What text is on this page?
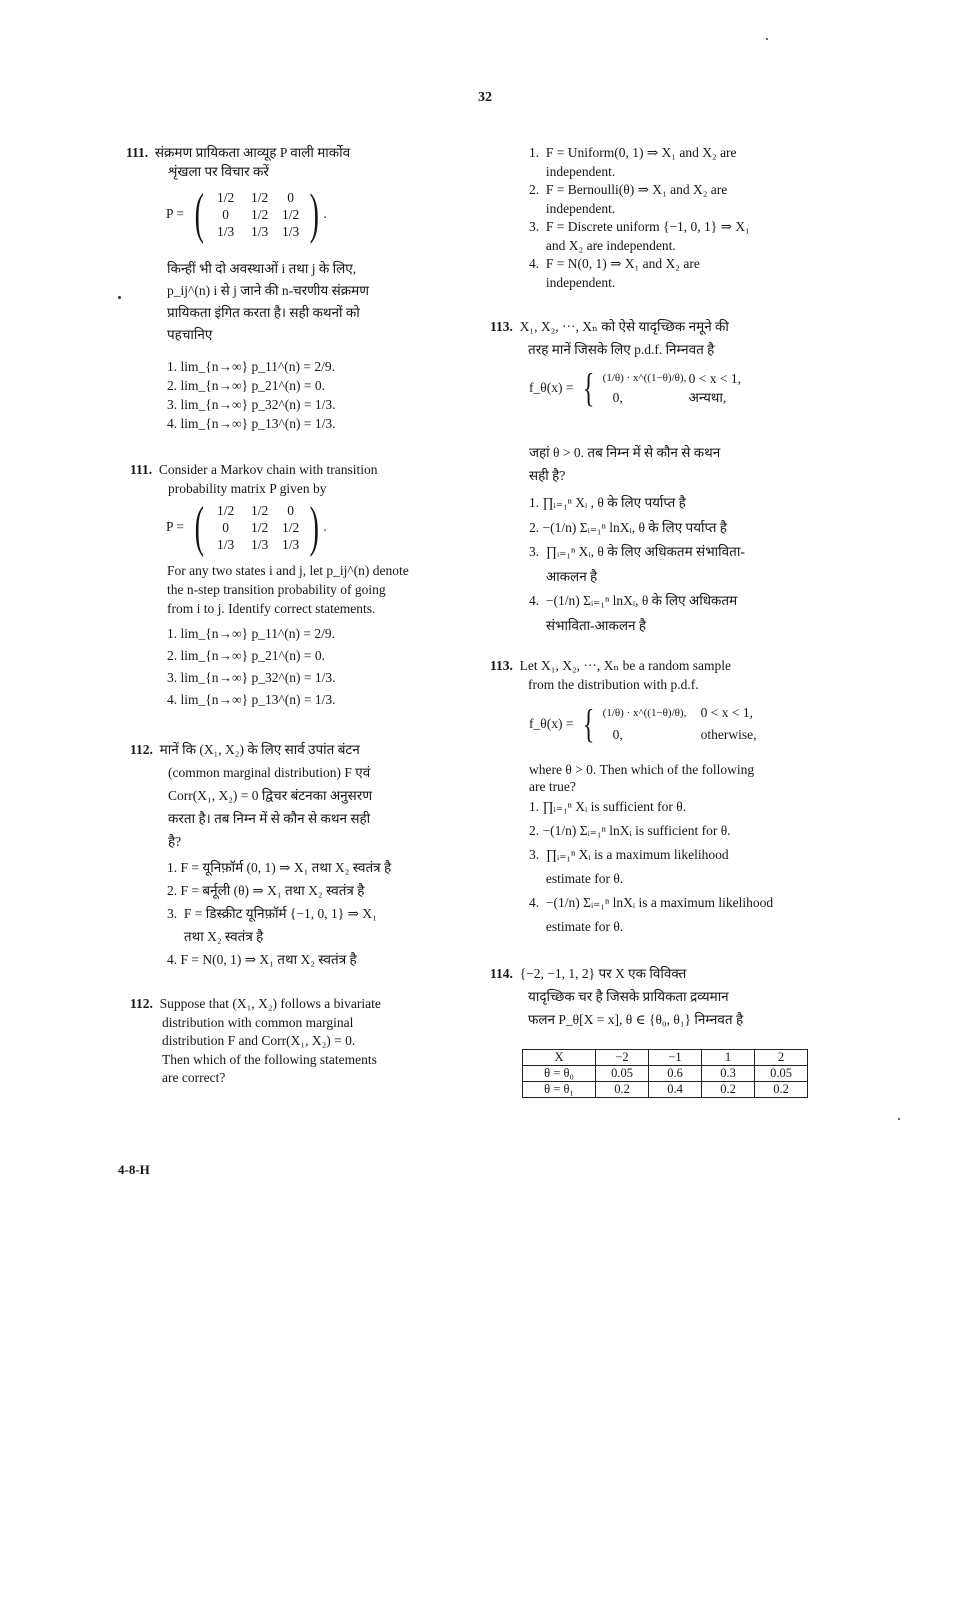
32
111. संक्रमण प्रायिकता आव्यूह P वाली मार्कोव
शृंखला पर विचार करें
P = ( 1/2	1/2	0
0	1/2	1/2
1/3	1/3	1/3 ) .
किन्हीं भी दो अवस्थाओं i तथा j के लिए,
p_ij^(n) i से j जाने की n-चरणीय संक्रमण
प्रायिकता इंगित करता है। सही कथनों को
पहचानिए
1. lim_{n→∞} p_11^(n) = 2/9.
2. lim_{n→∞} p_21^(n) = 0.
3. lim_{n→∞} p_32^(n) = 1/3.
4. lim_{n→∞} p_13^(n) = 1/3.
111. Consider a Markov chain with transition
probability matrix P given by
P = ( 1/2	1/2	0
0	1/2	1/2
1/3	1/3	1/3 ) .
For any two states i and j, let p_ij^(n) denote
the n-step transition probability of going
from i to j. Identify correct statements.
1. lim_{n→∞} p_11^(n) = 2/9.
2. lim_{n→∞} p_21^(n) = 0.
3. lim_{n→∞} p_32^(n) = 1/3.
4. lim_{n→∞} p_13^(n) = 1/3.
112. मानें कि (X₁, X₂) के लिए सार्व उपांत बंटन
(common marginal distribution) F एवं
Corr(X₁, X₂) = 0 द्विचर बंटनका अनुसरण
करता है। तब निम्न में से कौन से कथन सही
है?
1. F = यूनिफ़ॉर्म (0, 1) ⇒ X₁ तथा X₂ स्वतंत्र है
2. F = बर्नूली (θ) ⇒ X₁ तथा X₂ स्वतंत्र है
3.  F = डिस्क्रीट यूनिफ़ॉर्म {−1, 0, 1} ⇒ X₁
तथा X₂ स्वतंत्र है
4. F = N(0, 1) ⇒ X₁ तथा X₂ स्वतंत्र है
112. Suppose that (X₁, X₂) follows a bivariate
distribution with common marginal
distribution F and Corr(X₁, X₂) = 0.
Then which of the following statements
are correct?
4-8-H
1.  F = Uniform(0, 1) ⇒ X₁ and X₂ are
independent.
2.  F = Bernoulli(θ) ⇒ X₁ and X₂ are
independent.
3.  F = Discrete uniform {−1, 0, 1} ⇒ X₁
and X₂ are independent.
4.  F = N(0, 1) ⇒ X₁ and X₂ are
independent.
113. X₁, X₂, ···, Xₙ को ऐसे यादृच्छिक नमूने की
तरह मानें जिसके लिए p.d.f. निम्नवत है
f_θ(x) = { (1/θ) · x^((1−θ)/θ), 0 < x < 1,
0,	अन्यथा,
जहां θ > 0. तब निम्न में से कौन से कथन
सही है?
1. ∏ᵢ₌₁ⁿ Xᵢ , θ के लिए पर्याप्त है
2. −(1/n) Σᵢ₌₁ⁿ lnXᵢ, θ के लिए पर्याप्त है
3.  ∏ᵢ₌₁ⁿ Xᵢ, θ के लिए अधिकतम संभाविता-
आकलन है
4.  −(1/n) Σᵢ₌₁ⁿ lnXᵢ, θ के लिए अधिकतम
संभाविता-आकलन है
113. Let X₁, X₂, ···, Xₙ be a random sample
from the distribution with p.d.f.
f_θ(x) = { (1/θ) · x^((1−θ)/θ),	0 < x < 1,
0,	otherwise,
where θ > 0. Then which of the following
are true?
1. ∏ᵢ₌₁ⁿ Xᵢ is sufficient for θ.
2. −(1/n) Σᵢ₌₁ⁿ lnXᵢ is sufficient for θ.
3.  ∏ᵢ₌₁ⁿ Xᵢ is a maximum likelihood
estimate for θ.
4.  −(1/n) Σᵢ₌₁ⁿ lnXᵢ is a maximum likelihood
estimate for θ.
114. {−2, −1, 1, 2} पर X एक विविक्त
यादृच्छिक चर है जिसके प्रायिकता द्रव्यमान
फलन P_θ[X = x], θ ∈ {θ₀, θ₁} निम्नवत है
X	−2	−1	1	2
θ = θ₀	0.05	0.6	0.3	0.05
θ = θ₁	0.2	0.4	0.2	0.2
